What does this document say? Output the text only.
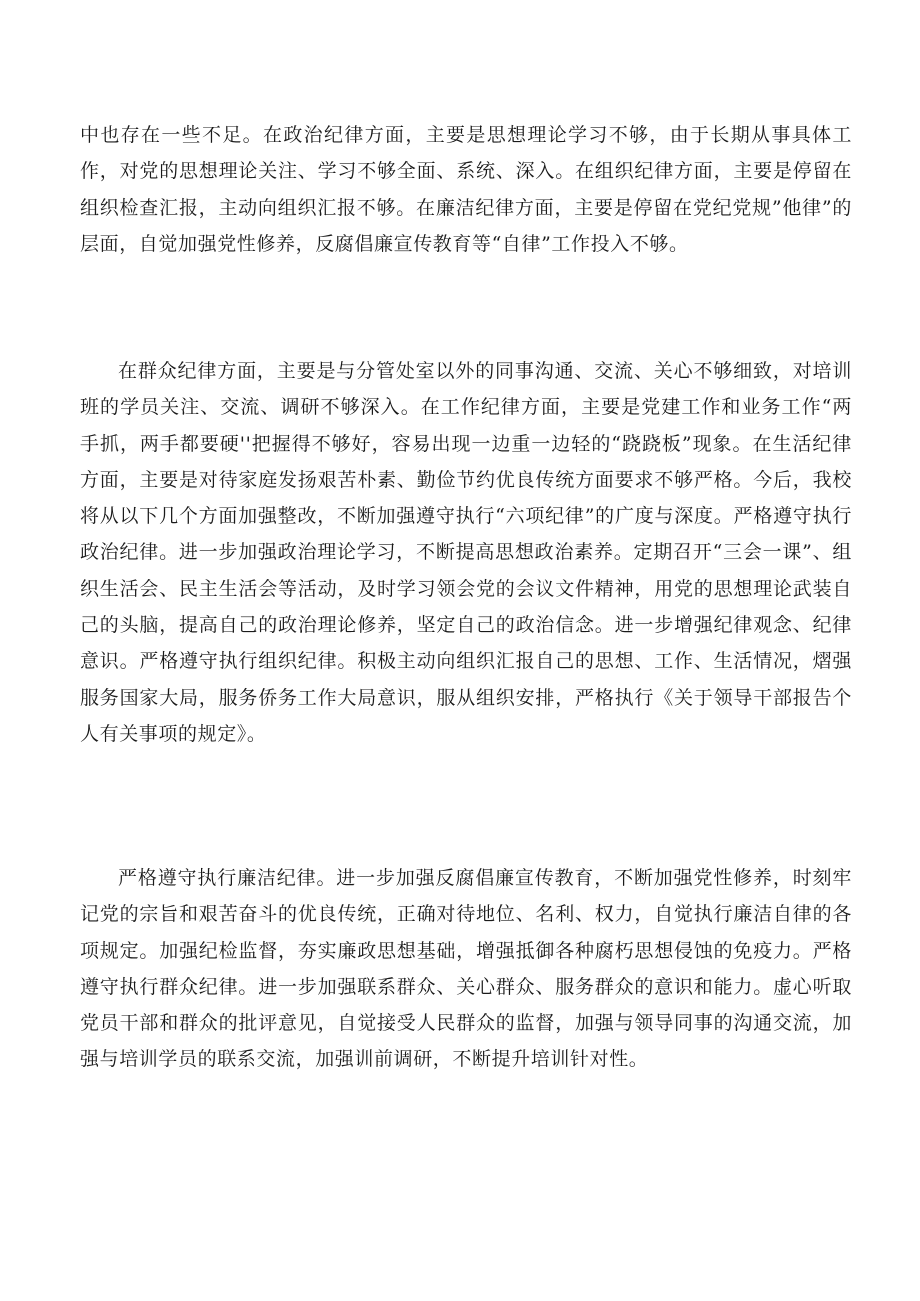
中也存在一些不足。在政治纪律方面，主要是思想理论学习不够，由于长期从事具体工作，对党的思想理论关注、学习不够全面、系统、深入。在组织纪律方面，主要是停留在组织检查汇报，主动向组织汇报不够。在廉洁纪律方面，主要是停留在党纪党规”他律”的层面，自觉加强党性修养，反腐倡廉宣传教育等“自律”工作投入不够。

在群众纪律方面，主要是与分管处室以外的同事沟通、交流、关心不够细致，对培训班的学员关注、交流、调研不够深入。在工作纪律方面，主要是党建工作和业务工作“两手抓，两手都要硬''把握得不够好，容易出现一边重一边轻的“跷跷板”现象。在生活纪律方面，主要是对待家庭发扬艰苦朴素、勤俭节约优良传统方面要求不够严格。今后，我校将从以下几个方面加强整改，不断加强遵守执行“六项纪律”的广度与深度。严格遵守执行政治纪律。进一步加强政治理论学习，不断提高思想政治素养。定期召开“三会一课”、组织生活会、民主生活会等活动，及时学习领会党的会议文件精神，用党的思想理论武装自己的头脑，提高自己的政治理论修养，坚定自己的政治信念。进一步增强纪律观念、纪律意识。严格遵守执行组织纪律。积极主动向组织汇报自己的思想、工作、生活情况，熠强服务国家大局，服务侨务工作大局意识，服从组织安排，严格执行《关于领导干部报告个人有关事项的规定》。

严格遵守执行廉洁纪律。进一步加强反腐倡廉宣传教育，不断加强党性修养，时刻牢记党的宗旨和艰苦奋斗的优良传统，正确对待地位、名利、权力，自觉执行廉洁自律的各项规定。加强纪检监督，夯实廉政思想基础，增强抵御各种腐朽思想侵蚀的免疫力。严格遵守执行群众纪律。进一步加强联系群众、关心群众、服务群众的意识和能力。虚心听取党员干部和群众的批评意见，自觉接受人民群众的监督，加强与领导同事的沟通交流，加强与培训学员的联系交流，加强训前调研，不断提升培训针对性。
